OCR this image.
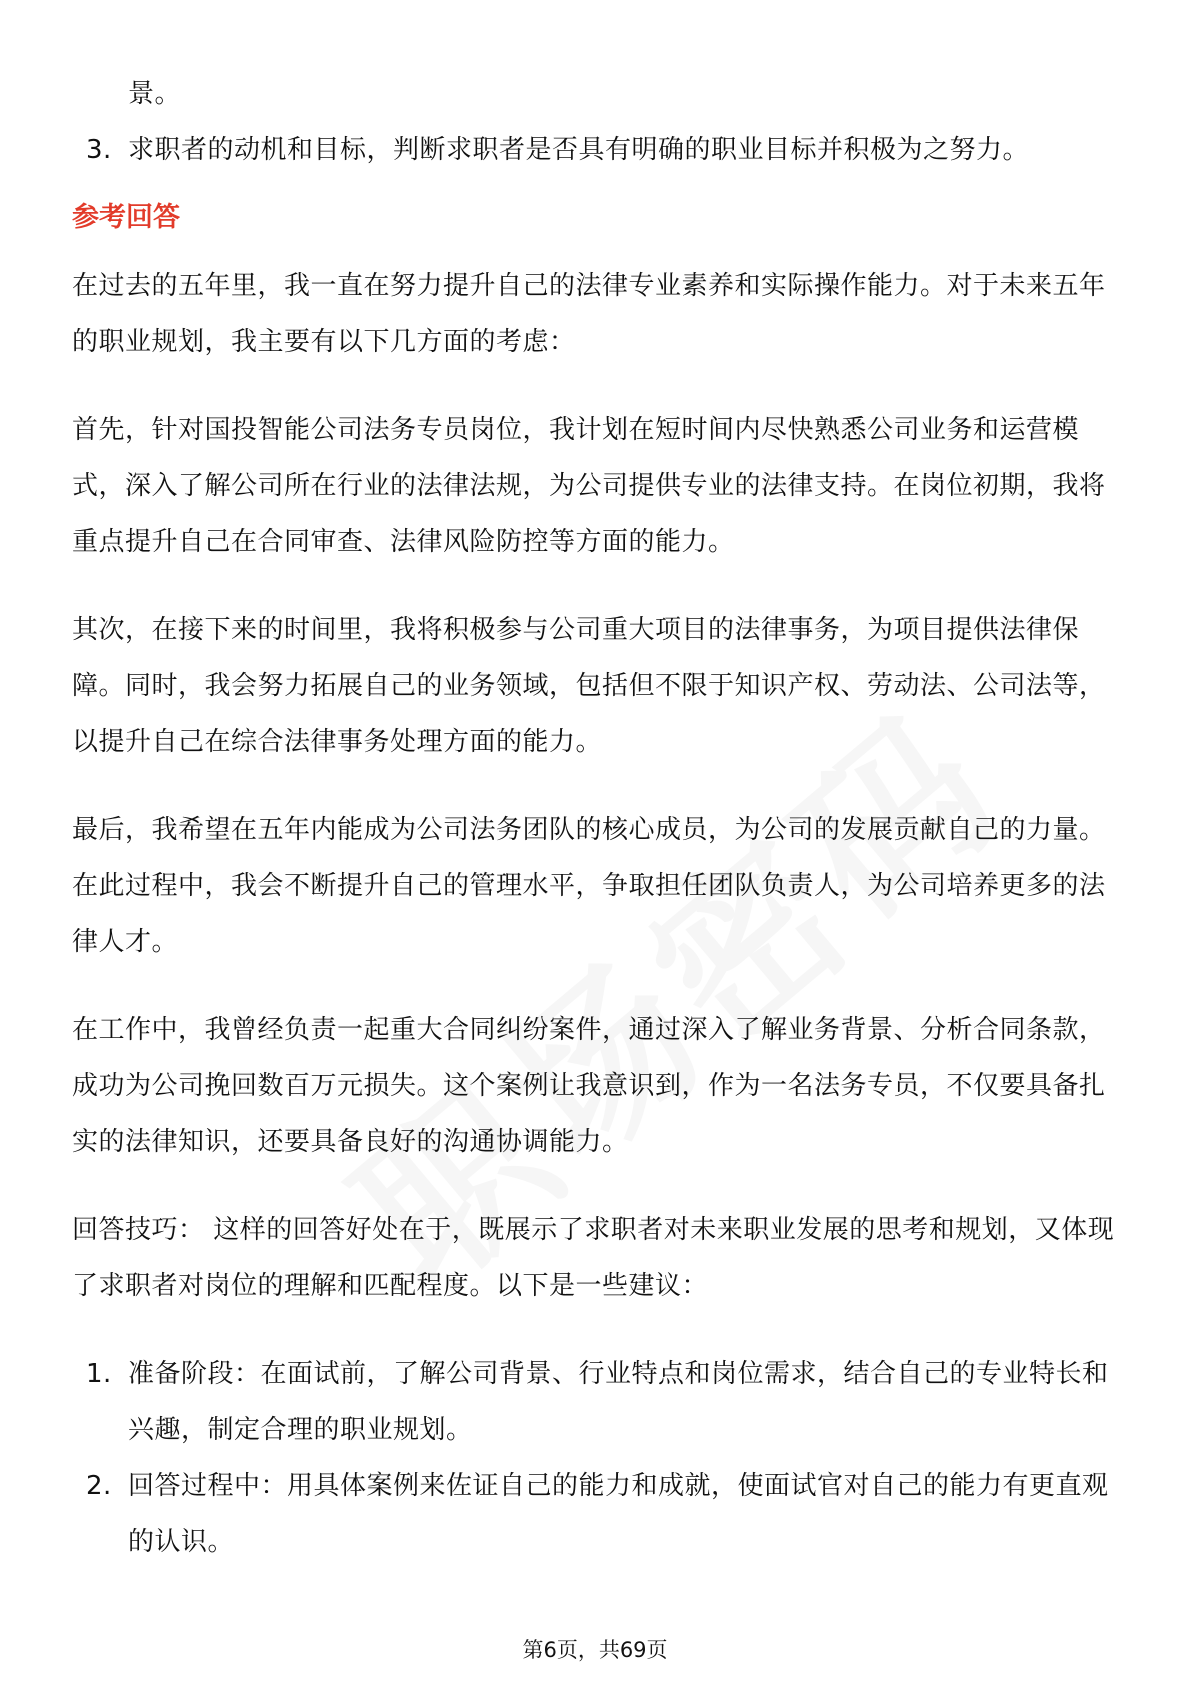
景。
3. 求职者的动机和目标，判断求职者是否具有明确的职业目标并积极为之努力。
参考回答

在过去的五年里，我一直在努力提升自己的法律专业素养和实际操作能力。对于未来五年的职业规划，我主要有以下几方面的考虑：

首先，针对国投智能公司法务专员岗位，我计划在短时间内尽快熟悉公司业务和运营模式，深入了解公司所在行业的法律法规，为公司提供专业的法律支持。在岗位初期，我将重点提升自己在合同审查、法律风险防控等方面的能力。

其次，在接下来的时间里，我将积极参与公司重大项目的法律事务，为项目提供法律保障。同时，我会努力拓展自己的业务领域，包括但不限于知识产权、劳动法、公司法等，以提升自己在综合法律事务处理方面的能力。

最后，我希望在五年内能成为公司法务团队的核心成员，为公司的发展贡献自己的力量。在此过程中，我会不断提升自己的管理水平，争取担任团队负责人，为公司培养更多的法律人才。

在工作中，我曾经负责一起重大合同纠纷案件，通过深入了解业务背景、分析合同条款，成功为公司挽回数百万元损失。这个案例让我意识到，作为一名法务专员，不仅要具备扎实的法律知识，还要具备良好的沟通协调能力。

回答技巧： 这样的回答好处在于，既展示了求职者对未来职业发展的思考和规划，又体现了求职者对岗位的理解和匹配程度。以下是一些建议：

1. 准备阶段：在面试前，了解公司背景、行业特点和岗位需求，结合自己的专业特长和兴趣，制定合理的职业规划。
2. 回答过程中：用具体案例来佐证自己的能力和成就，使面试官对自己的能力有更直观的认识。
第6页，共69页
